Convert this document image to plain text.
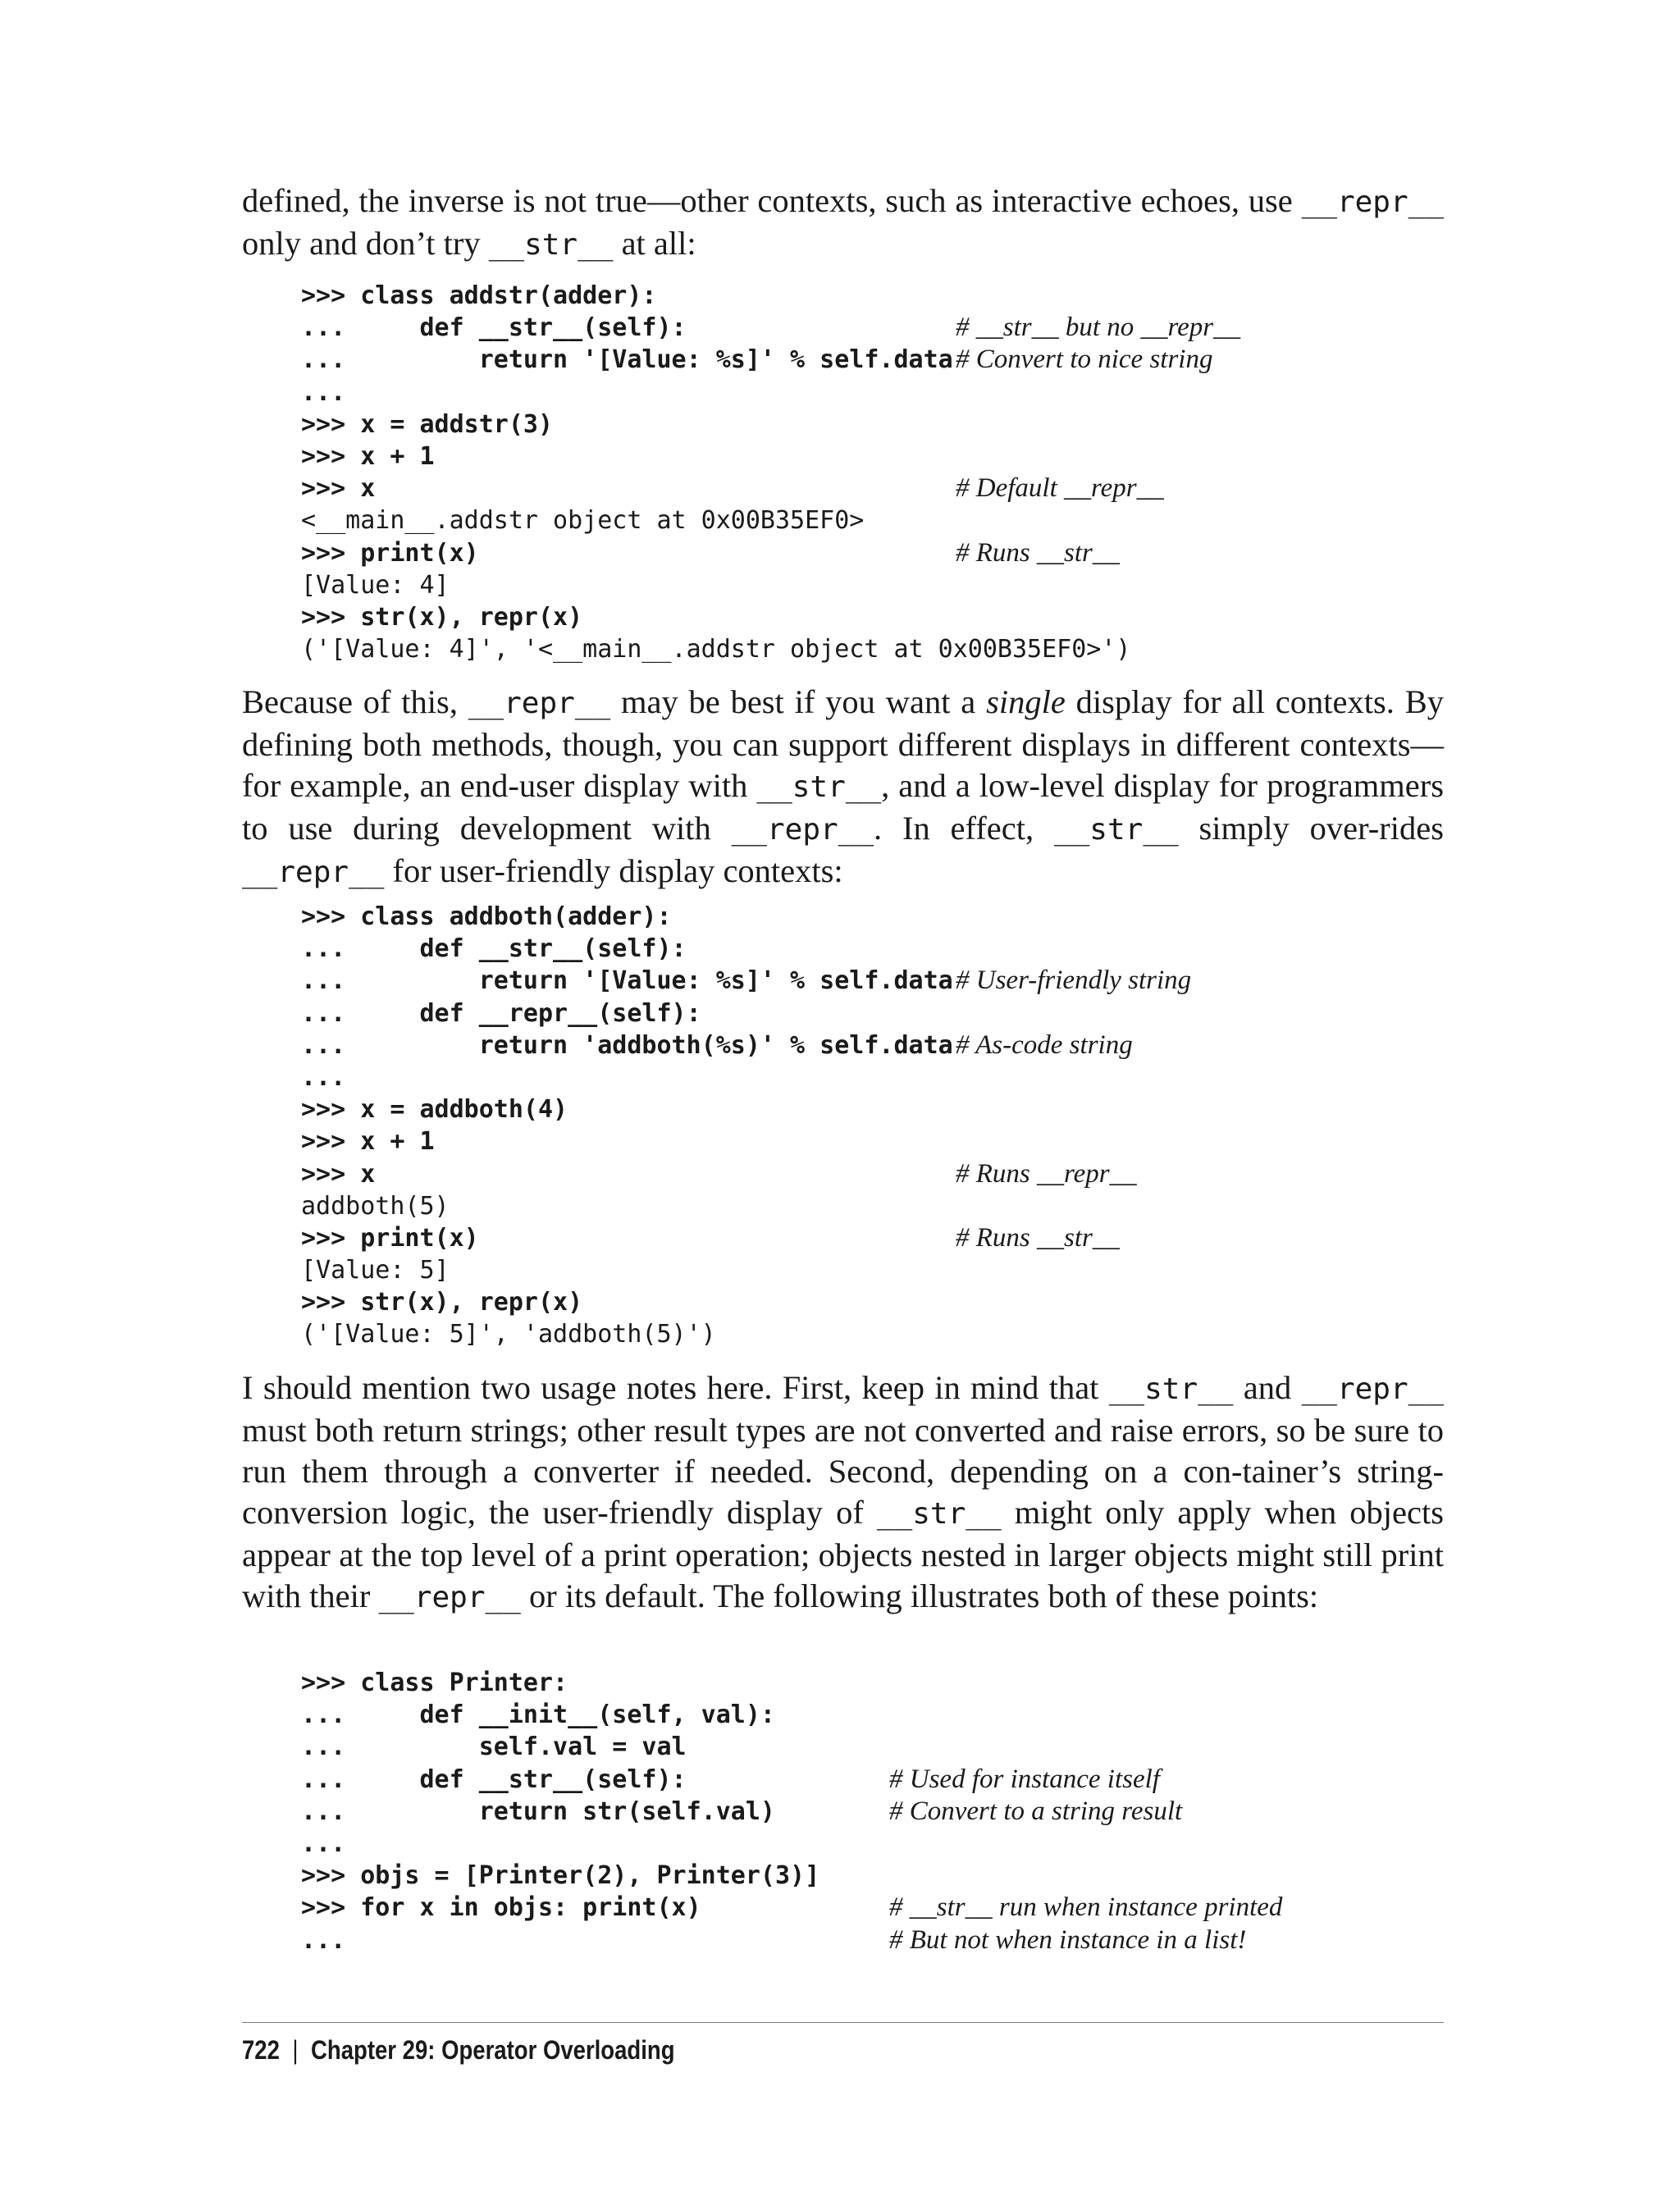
defined, the inverse is not true—other contexts, such as interactive echoes, use __repr__ only and don’t try __str__ at all:

>>> class addstr(adder):
...     def __str__(self):	# __str__ but no __repr__
...         return '[Value: %s]' % self.data # Convert to nice string
...
>>> x = addstr(3)
>>> x + 1
>>> x	# Default __repr__
<__main__.addstr object at 0x00B35EF0>
>>> print(x)	# Runs __str__
[Value: 4]
>>> str(x), repr(x)
('[Value: 4]', '<__main__.addstr object at 0x00B35EF0>')

Because of this, __repr__ may be best if you want a single display for all contexts. By defining both methods, though, you can support different displays in different contexts—for example, an end-user display with __str__, and a low-level display for programmers to use during development with __repr__. In effect, __str__ simply over-rides __repr__ for user-friendly display contexts:

>>> class addboth(adder):
...     def __str__(self):
...         return '[Value: %s]' % self.data # User-friendly string
...     def __repr__(self):
...         return 'addboth(%s)' % self.data # As-code string
...
>>> x = addboth(4)
>>> x + 1
>>> x	# Runs __repr__
addboth(5)
>>> print(x)	# Runs __str__
[Value: 5]
>>> str(x), repr(x)
('[Value: 5]', 'addboth(5)')

I should mention two usage notes here. First, keep in mind that __str__ and __repr__ must both return strings; other result types are not converted and raise errors, so be sure to run them through a converter if needed. Second, depending on a con-tainer’s string-conversion logic, the user-friendly display of __str__ might only apply when objects appear at the top level of a print operation; objects nested in larger objects might still print with their __repr__ or its default. The following illustrates both of these points:

>>> class Printer:
...     def __init__(self, val):
...         self.val = val
...     def __str__(self):	# Used for instance itself
...         return str(self.val)	# Convert to a string result
...
>>> objs = [Printer(2), Printer(3)]
>>> for x in objs: print(x)	# __str__ run when instance printed
...	# But not when instance in a list!
722 | Chapter 29: Operator Overloading
